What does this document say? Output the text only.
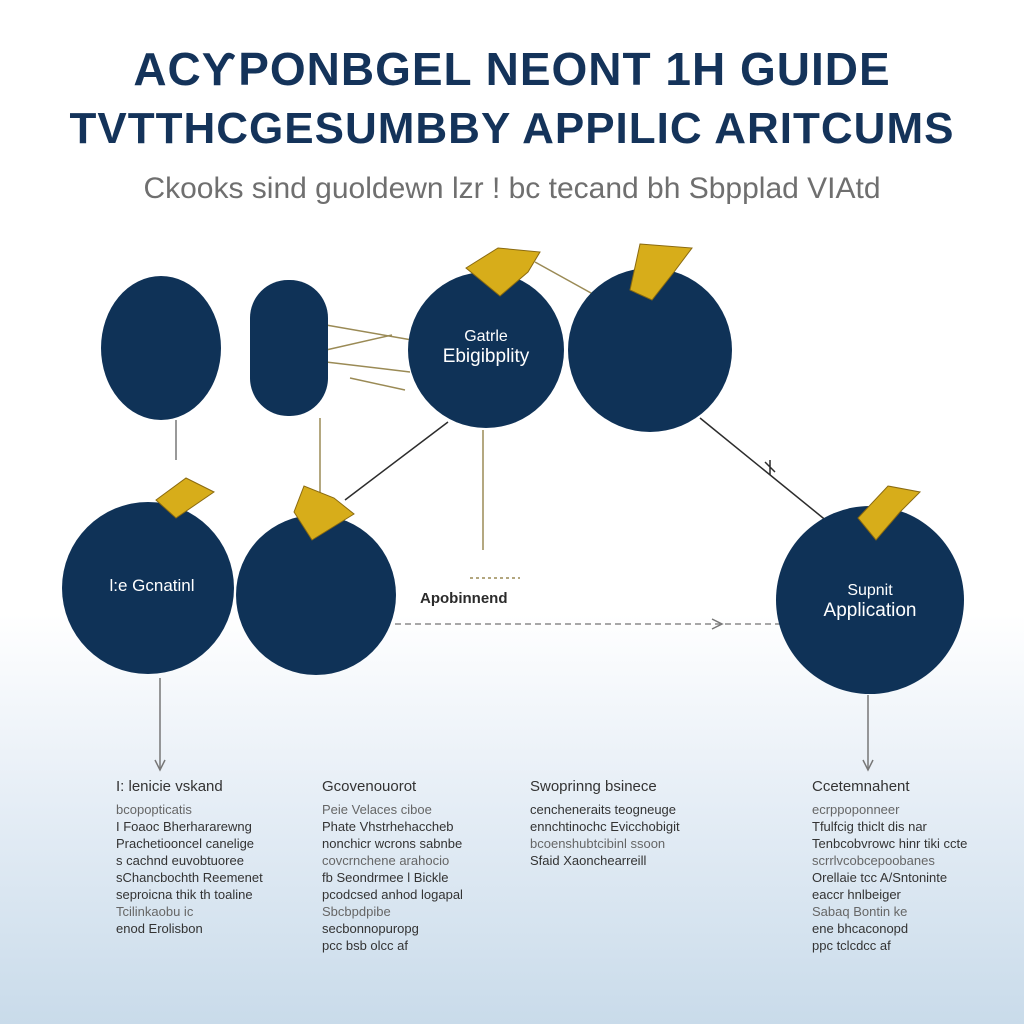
ACƳPONBGEL NEONT 1H GUIDE
TVTTHCGESUMBBY APPILIC ARITCUMS
Ckooks sind guoldewn lzr ! bc tecand bh Sbpplad VIAtd
Gatrle
Ebigibplity
l:e Gcnatinl	Supnit
Application
Apobinnend
I: lenicie vskand
bcopopticatis
I Foaoc Bherhararewng
Prachetiooncel canelige
s cachnd euvobtuoree
sChancbochth Reemenet
seproicna thik th toaline
Tcilinkaobu ic
enod Erolisbon
Gcovenouorot
Peie Velaces ciboe
Phate Vhstrhehaccheb
nonchicr wcrons sabnbe
covcrnchene arahocio
fb Seondrmee l Bickle
pcodcsed anhod logapal
Sbcbpdpibe
secbonnopuropg
pcc bsb olcc af
Swoprinng bsinece
cencheneraits teogneuge
ennchtinochc Evicchobigit
bcoenshubtcibinl ssoon
Sfaid Xaonchearreill
Ccetemnahent
ecrppoponneer
Tfulfcig thiclt dis nar
Tenbcobvrowc hinr tiki ccte
scrrlvcobcepoobanes
Orellaie tcc A/Sntoninte
eaccr hnlbeiger
Sabaq Bontin ke
ene bhcaconopd
ppc tclcdcc af
